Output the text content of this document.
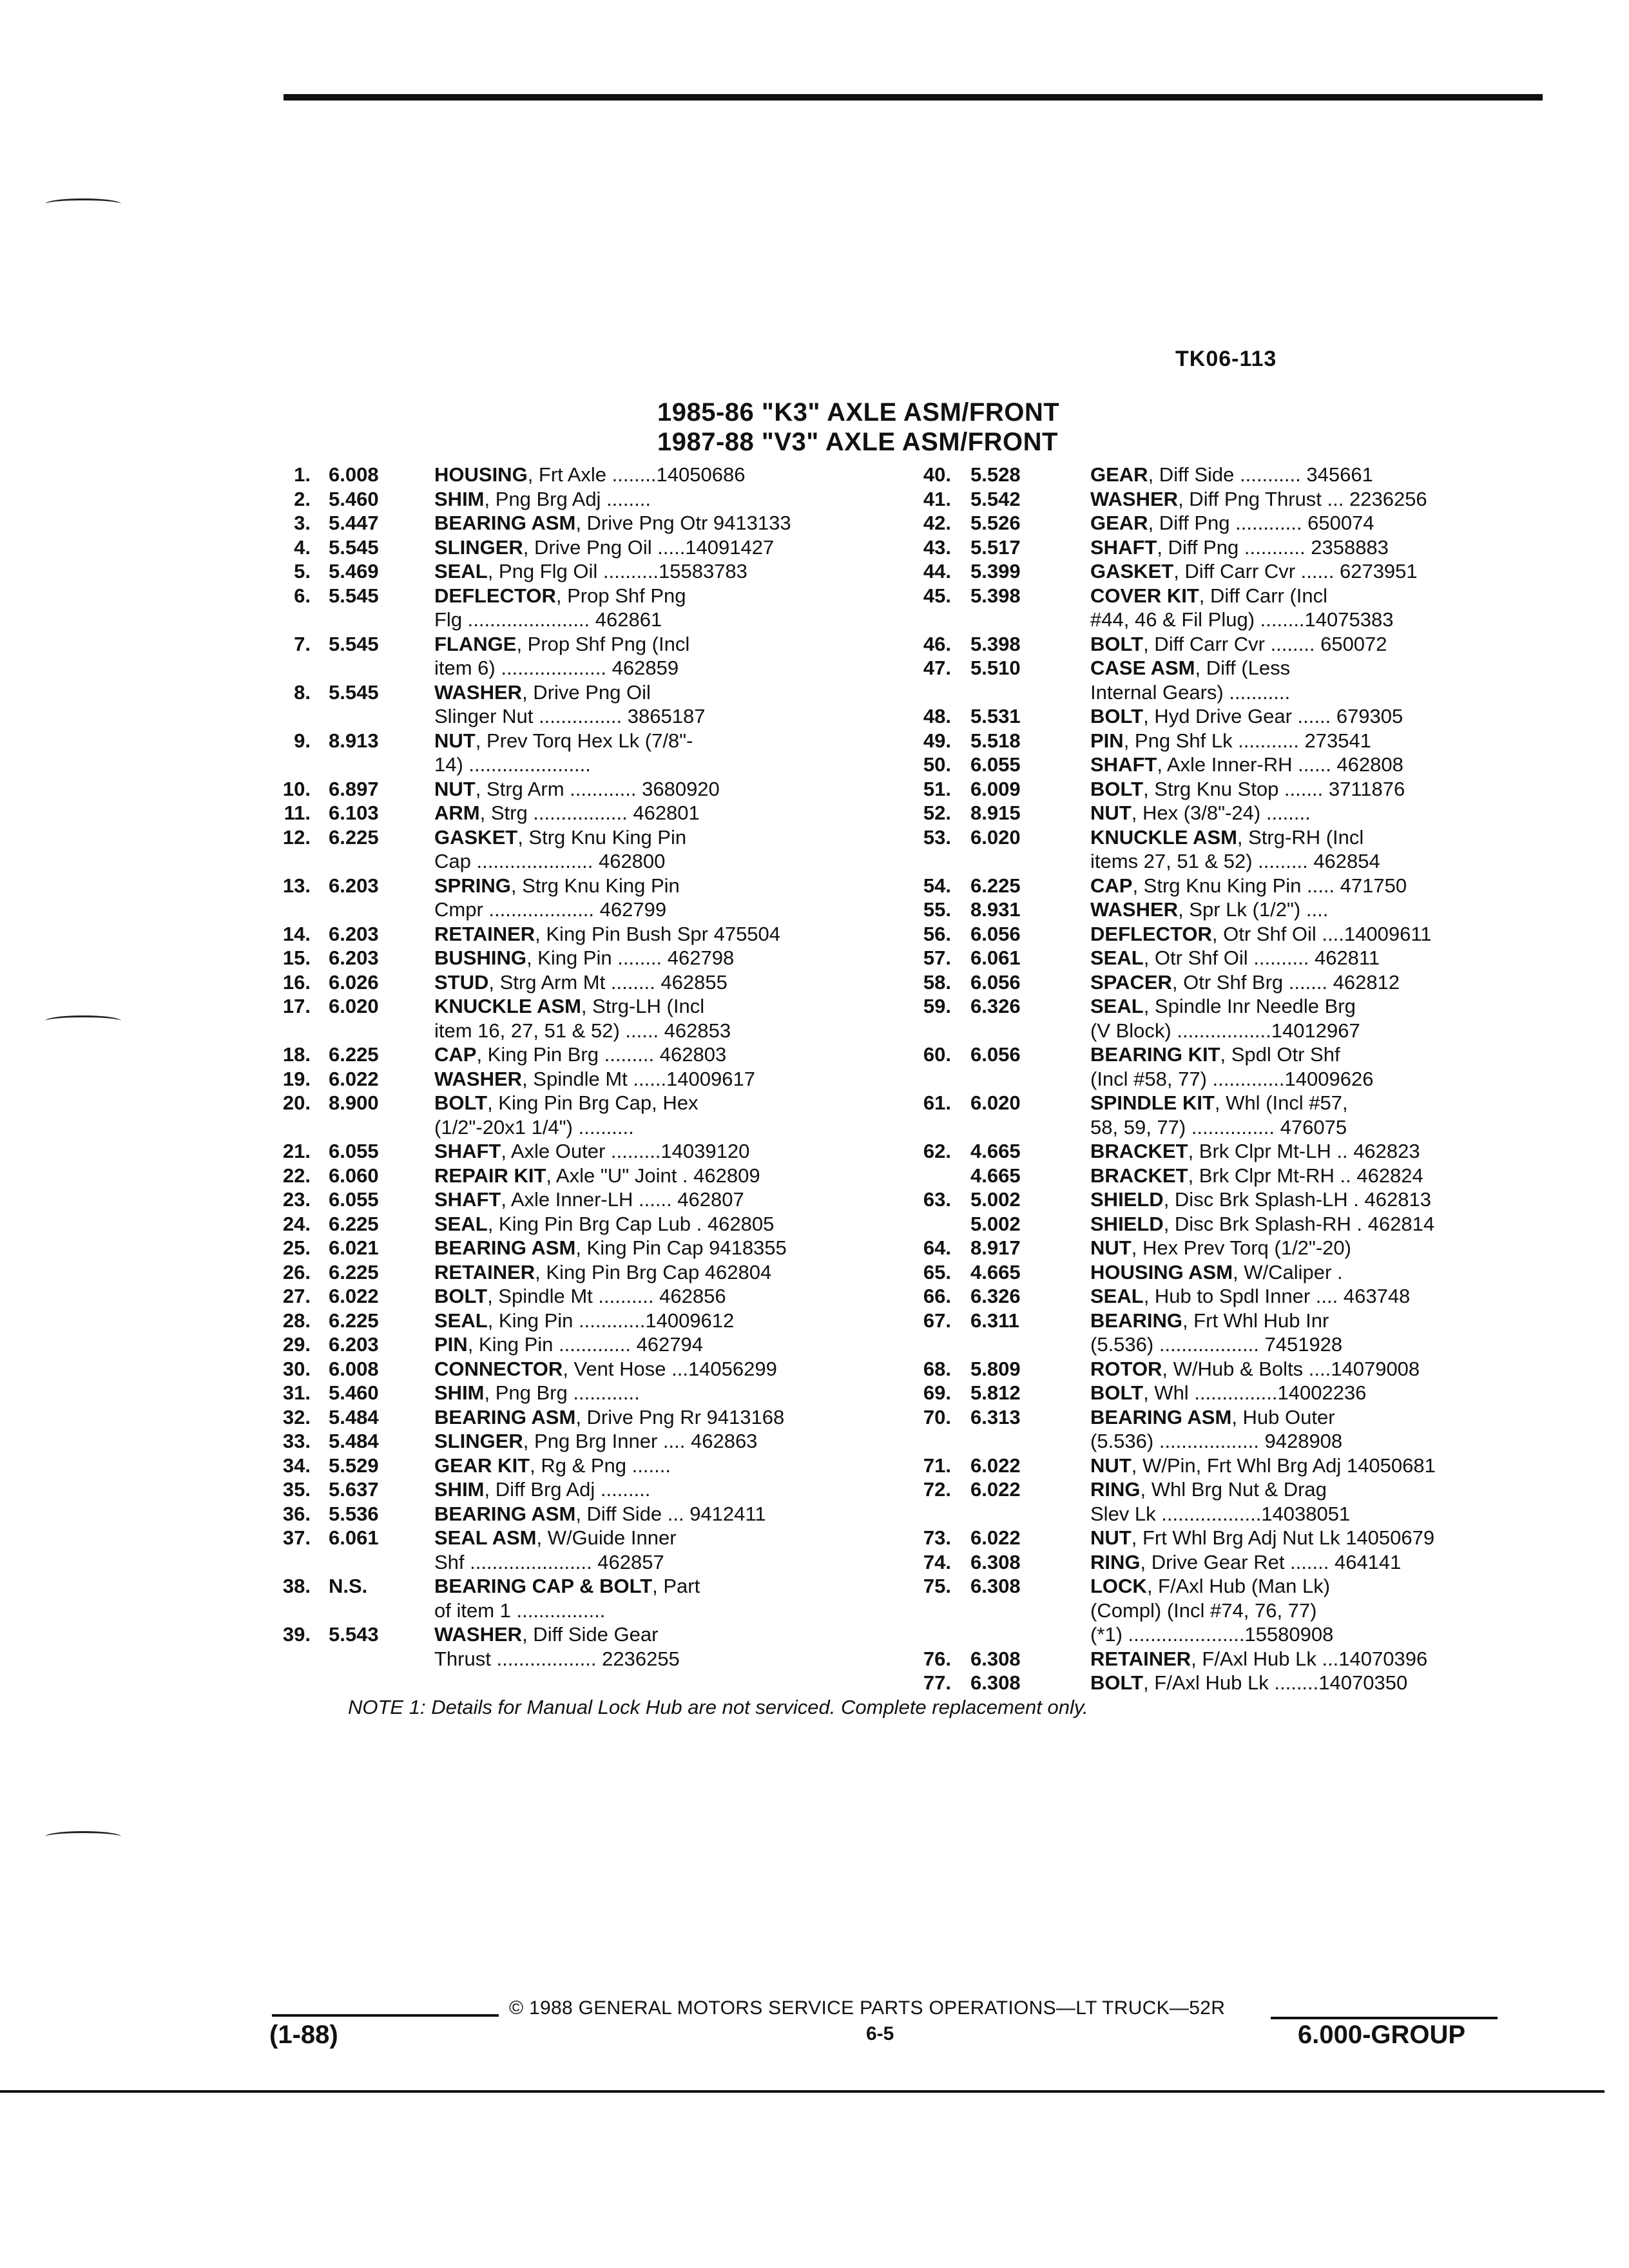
TK06-113
1985-86 "K3" AXLE ASM/FRONT
1987-88 "V3" AXLE ASM/FRONT
1. 6.008	HOUSING, Frt Axle ........14050686
2. 5.460	SHIM, Png Brg Adj ........
3. 5.447	BEARING ASM, Drive Png Otr 9413133
4. 5.545	SLINGER, Drive Png Oil .....14091427
5. 5.469	SEAL, Png Flg Oil ..........15583783
6. 5.545	DEFLECTOR, Prop Shf Png
Flg ...................... 462861
7. 5.545	FLANGE, Prop Shf Png (Incl
item 6) ................... 462859
8. 5.545	WASHER, Drive Png Oil
Slinger Nut ............... 3865187
9. 8.913	NUT, Prev Torq Hex Lk (7/8"-
14) ......................
10. 6.897	NUT, Strg Arm ............ 3680920
11. 6.103	ARM, Strg ................. 462801
12. 6.225	GASKET, Strg Knu King Pin
Cap ..................... 462800
13. 6.203	SPRING, Strg Knu King Pin
Cmpr ................... 462799
14. 6.203	RETAINER, King Pin Bush Spr 475504
15. 6.203	BUSHING, King Pin ........ 462798
16. 6.026	STUD, Strg Arm Mt ........ 462855
17. 6.020	KNUCKLE ASM, Strg-LH (Incl
item 16, 27, 51 & 52) ...... 462853
18. 6.225	CAP, King Pin Brg ......... 462803
19. 6.022	WASHER, Spindle Mt ......14009617
20. 8.900	BOLT, King Pin Brg Cap, Hex
(1/2"-20x1 1/4") ..........
21. 6.055	SHAFT, Axle Outer .........14039120
22. 6.060	REPAIR KIT, Axle "U" Joint . 462809
23. 6.055	SHAFT, Axle Inner-LH ...... 462807
24. 6.225	SEAL, King Pin Brg Cap Lub . 462805
25. 6.021	BEARING ASM, King Pin Cap 9418355
26. 6.225	RETAINER, King Pin Brg Cap 462804
27. 6.022	BOLT, Spindle Mt .......... 462856
28. 6.225	SEAL, King Pin ............14009612
29. 6.203	PIN, King Pin ............. 462794
30. 6.008	CONNECTOR, Vent Hose ...14056299
31. 5.460	SHIM, Png Brg ............
32. 5.484	BEARING ASM, Drive Png Rr 9413168
33. 5.484	SLINGER, Png Brg Inner .... 462863
34. 5.529	GEAR KIT, Rg & Png .......
35. 5.637	SHIM, Diff Brg Adj .........
36. 5.536	BEARING ASM, Diff Side ... 9412411
37. 6.061	SEAL ASM, W/Guide Inner
Shf ...................... 462857
38. N.S.	BEARING CAP & BOLT, Part
of item 1 ................
39. 5.543	WASHER, Diff Side Gear
Thrust .................. 2236255
40. 5.528	GEAR, Diff Side ........... 345661
41. 5.542	WASHER, Diff Png Thrust ... 2236256
42. 5.526	GEAR, Diff Png ............ 650074
43. 5.517	SHAFT, Diff Png ........... 2358883
44. 5.399	GASKET, Diff Carr Cvr ...... 6273951
45. 5.398	COVER KIT, Diff Carr (Incl
#44, 46 & Fil Plug) ........14075383
46. 5.398	BOLT, Diff Carr Cvr ........ 650072
47. 5.510	CASE ASM, Diff (Less
Internal Gears) ...........
48. 5.531	BOLT, Hyd Drive Gear ...... 679305
49. 5.518	PIN, Png Shf Lk ........... 273541
50. 6.055	SHAFT, Axle Inner-RH ...... 462808
51. 6.009	BOLT, Strg Knu Stop ....... 3711876
52. 8.915	NUT, Hex (3/8"-24) ........
53. 6.020	KNUCKLE ASM, Strg-RH (Incl
items 27, 51 & 52) ......... 462854
54. 6.225	CAP, Strg Knu King Pin ..... 471750
55. 8.931	WASHER, Spr Lk (1/2") ....
56. 6.056	DEFLECTOR, Otr Shf Oil ....14009611
57. 6.061	SEAL, Otr Shf Oil .......... 462811
58. 6.056	SPACER, Otr Shf Brg ....... 462812
59. 6.326	SEAL, Spindle Inr Needle Brg
(V Block) .................14012967
60. 6.056	BEARING KIT, Spdl Otr Shf
(Incl #58, 77) .............14009626
61. 6.020	SPINDLE KIT, Whl (Incl #57,
58, 59, 77) ............... 476075
62. 4.665	BRACKET, Brk Clpr Mt-LH .. 462823
4.665	BRACKET, Brk Clpr Mt-RH .. 462824
63. 5.002	SHIELD, Disc Brk Splash-LH . 462813
5.002	SHIELD, Disc Brk Splash-RH . 462814
64. 8.917	NUT, Hex Prev Torq (1/2"-20)
65. 4.665	HOUSING ASM, W/Caliper .
66. 6.326	SEAL, Hub to Spdl Inner .... 463748
67. 6.311	BEARING, Frt Whl Hub Inr
(5.536) .................. 7451928
68. 5.809	ROTOR, W/Hub & Bolts ....14079008
69. 5.812	BOLT, Whl ...............14002236
70. 6.313	BEARING ASM, Hub Outer
(5.536) .................. 9428908
71. 6.022	NUT, W/Pin, Frt Whl Brg Adj 14050681
72. 6.022	RING, Whl Brg Nut & Drag
Slev Lk ..................14038051
73. 6.022	NUT, Frt Whl Brg Adj Nut Lk 14050679
74. 6.308	RING, Drive Gear Ret ....... 464141
75. 6.308	LOCK, F/Axl Hub (Man Lk)
(Compl) (Incl #74, 76, 77)
(*1) .....................15580908
76. 6.308	RETAINER, F/Axl Hub Lk ...14070396
77. 6.308	BOLT, F/Axl Hub Lk ........14070350
NOTE 1: Details for Manual Lock Hub are not serviced. Complete replacement only.
© 1988 GENERAL MOTORS SERVICE PARTS OPERATIONS—LT TRUCK—52R
(1-88)	6-5	6.000-GROUP
